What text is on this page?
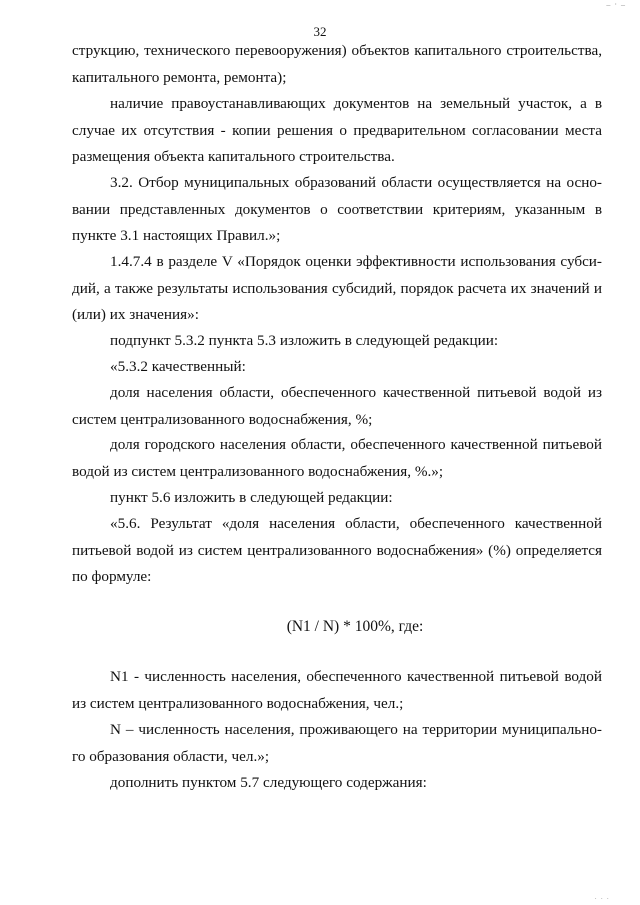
– · –
32
струкцию, технического перевооружения) объектов капитального строительства,
капитального ремонта, ремонта);
наличие правоустанавливающих документов на земельный участок, а в
случае их отсутствия - копии решения о предварительном согласовании места
размещения объекта капитального строительства.
3.2. Отбор муниципальных образований области осуществляется на осно-
вании представленных документов о соответствии критериям, указанным в
пункте 3.1 настоящих Правил.»;
1.4.7.4 в разделе V «Порядок оценки эффективности использования субси-
дий, а также результаты использования субсидий, порядок расчета их значений и
(или) их значения»:
подпункт 5.3.2 пункта 5.3 изложить в следующей редакции:
«5.3.2 качественный:
доля населения области, обеспеченного качественной питьевой водой из
систем централизованного водоснабжения, %;
доля городского населения области, обеспеченного качественной питьевой
водой из систем централизованного водоснабжения, %.»;
пункт 5.6 изложить в следующей редакции:
«5.6. Результат «доля населения области, обеспеченного качественной
питьевой водой из систем централизованного водоснабжения» (%) определяется
по формуле:
(N1 / N) * 100%, где:
N1 - численность населения, обеспеченного качественной питьевой водой
из систем централизованного водоснабжения, чел.;
N – численность населения, проживающего на территории муниципально-
го образования области, чел.»;
дополнить пунктом 5.7 следующего содержания:
· · ·
